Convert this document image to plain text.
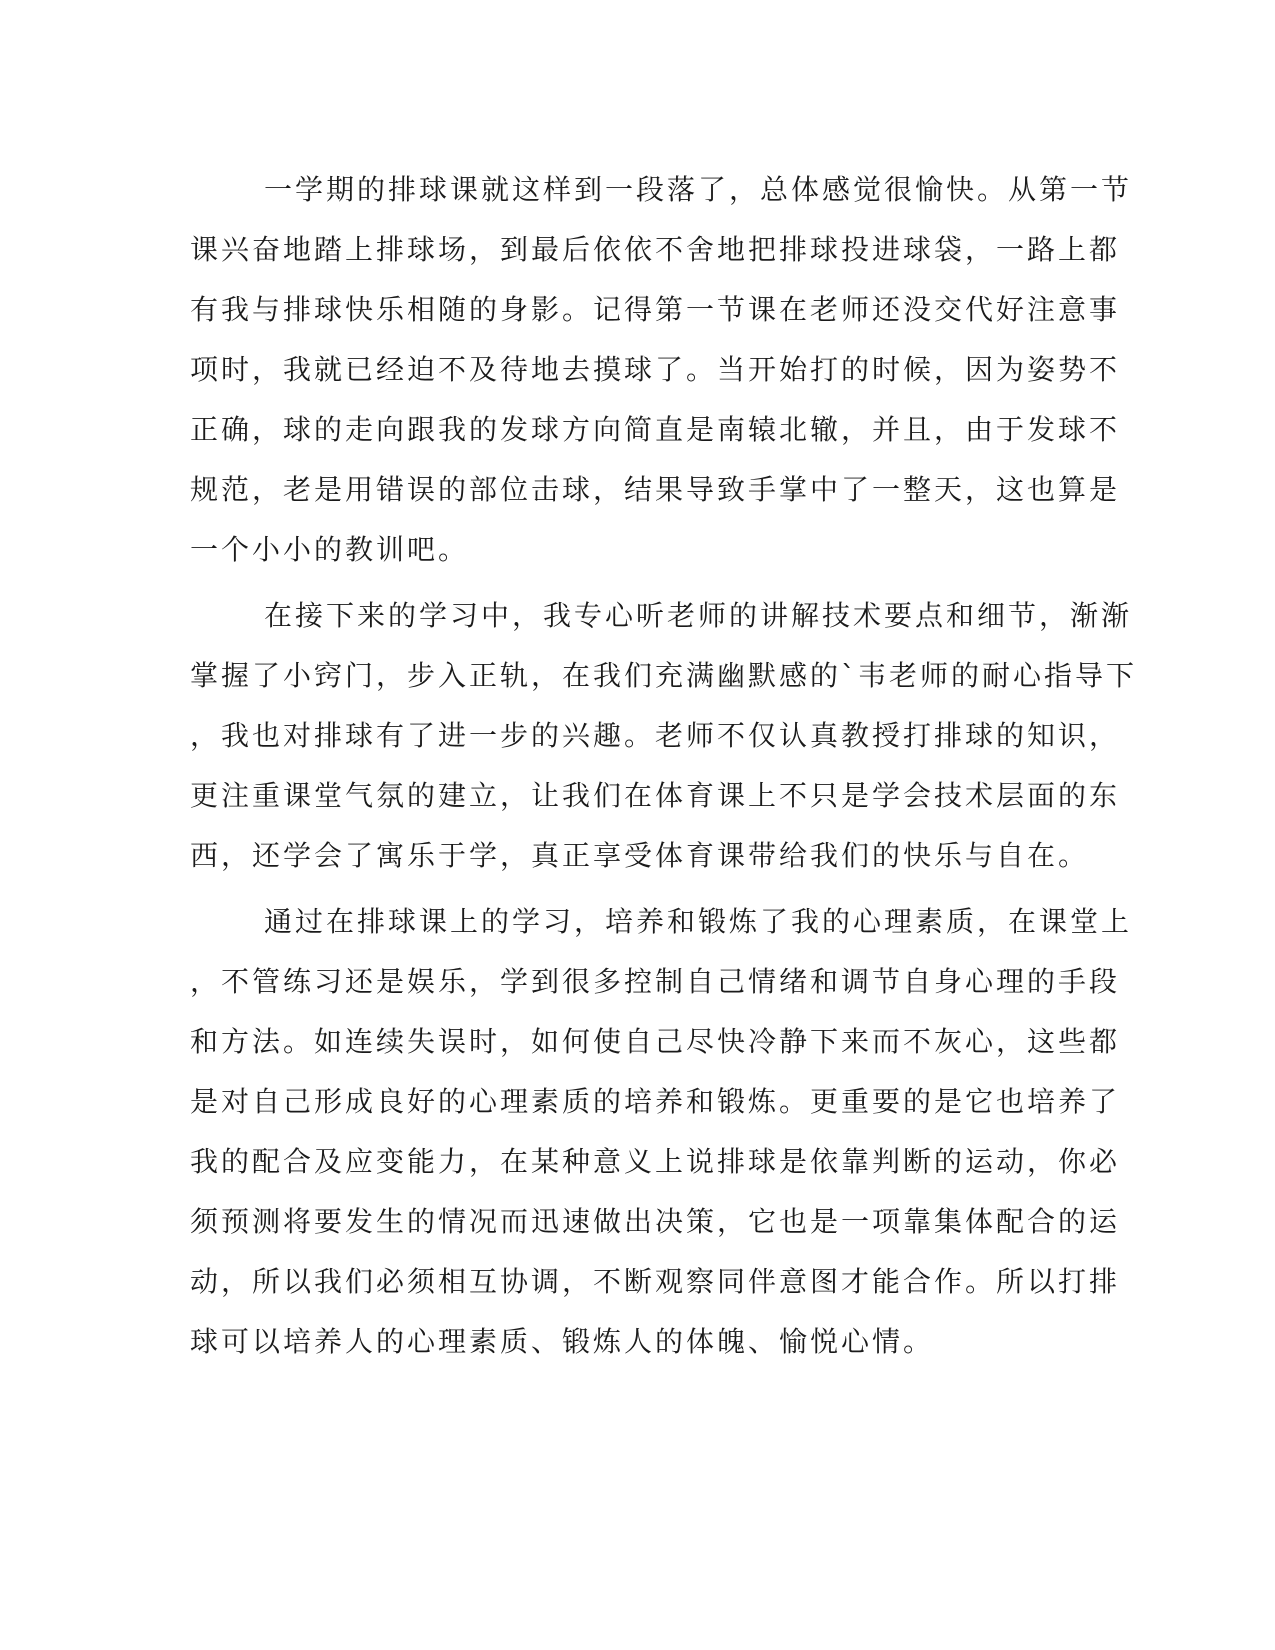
一学期的排球课就这样到一段落了，总体感觉很愉快。从第一节
课兴奋地踏上排球场，到最后依依不舍地把排球投进球袋，一路上都
有我与排球快乐相随的身影。记得第一节课在老师还没交代好注意事
项时，我就已经迫不及待地去摸球了。当开始打的时候，因为姿势不
正确，球的走向跟我的发球方向简直是南辕北辙，并且，由于发球不
规范，老是用错误的部位击球，结果导致手掌中了一整天，这也算是
一个小小的教训吧。

在接下来的学习中，我专心听老师的讲解技术要点和细节，渐渐
掌握了小窍门，步入正轨，在我们充满幽默感的`韦老师的耐心指导下
，我也对排球有了进一步的兴趣。老师不仅认真教授打排球的知识，
更注重课堂气氛的建立，让我们在体育课上不只是学会技术层面的东
西，还学会了寓乐于学，真正享受体育课带给我们的快乐与自在。

通过在排球课上的学习，培养和锻炼了我的心理素质，在课堂上
，不管练习还是娱乐，学到很多控制自己情绪和调节自身心理的手段
和方法。如连续失误时，如何使自己尽快冷静下来而不灰心，这些都
是对自己形成良好的心理素质的培养和锻炼。更重要的是它也培养了
我的配合及应变能力，在某种意义上说排球是依靠判断的运动，你必
须预测将要发生的情况而迅速做出决策，它也是一项靠集体配合的运
动，所以我们必须相互协调，不断观察同伴意图才能合作。所以打排
球可以培养人的心理素质、锻炼人的体魄、愉悦心情。
